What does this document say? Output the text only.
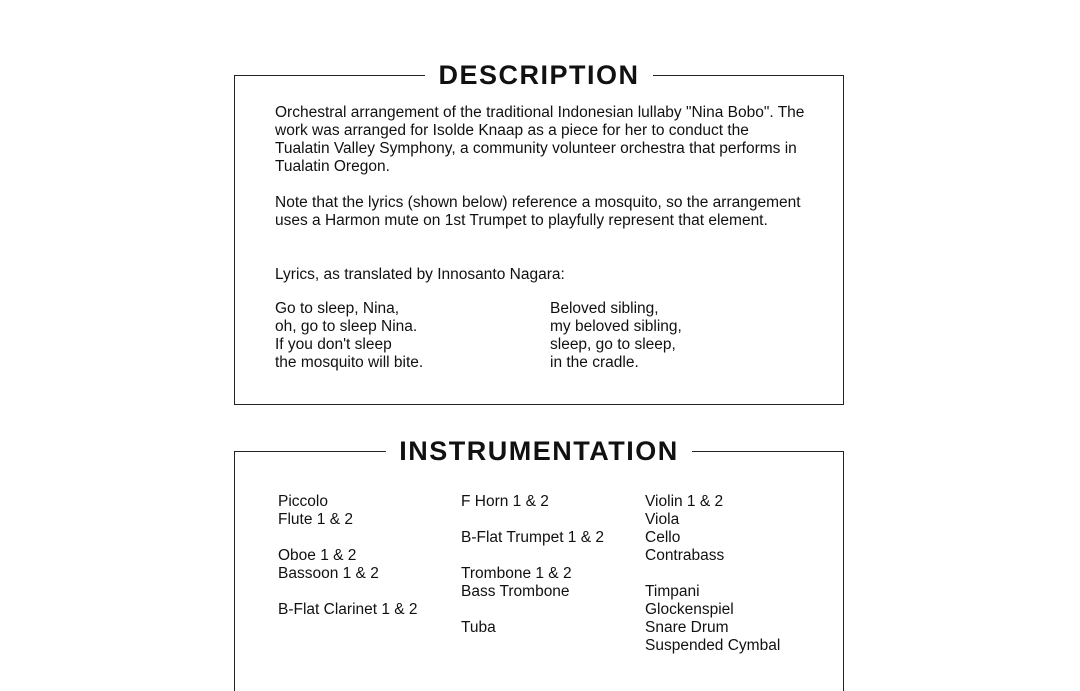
DESCRIPTION

Orchestral arrangement of the traditional Indonesian lullaby "Nina Bobo". The work was arranged for Isolde Knaap as a piece for her to conduct the Tualatin Valley Symphony, a community volunteer orchestra that performs in Tualatin Oregon.

Note that the lyrics (shown below) reference a mosquito, so the arrangement uses a Harmon mute on 1st Trumpet to playfully represent that element.

Lyrics, as translated by Innosanto Nagara:

Go to sleep, Nina,
oh, go to sleep Nina.
If you don't sleep
the mosquito will bite.
Beloved sibling,
my beloved sibling,
sleep, go to sleep,
in the cradle.
INSTRUMENTATION
Piccolo
Flute 1 & 2
Oboe 1 & 2
Bassoon 1 & 2
B-Flat Clarinet 1 & 2
F Horn 1 & 2
B-Flat Trumpet 1 & 2
Trombone 1 & 2
Bass Trombone
Tuba
Violin 1 & 2
Viola
Cello
Contrabass
Timpani
Glockenspiel
Snare Drum
Suspended Cymbal
